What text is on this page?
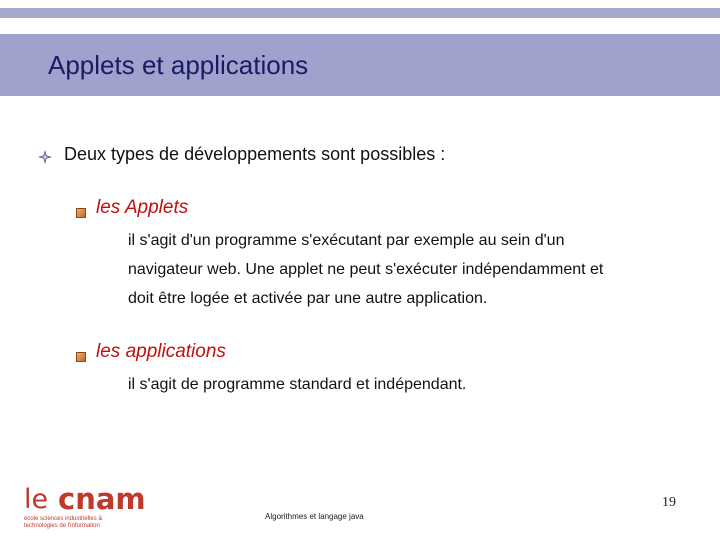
Applets et applications
Deux types de développements sont possibles :
les Applets
il s'agit d'un programme s'exécutant par exemple au sein d'un
navigateur web. Une applet ne peut s'exécuter indépendamment et
doit être logée et activée par une autre application.
les applications
il s'agit de programme standard et indépendant.
le cnam
école sciences industrielles &
technologies de l'information
Algorithmes et langage java
19
